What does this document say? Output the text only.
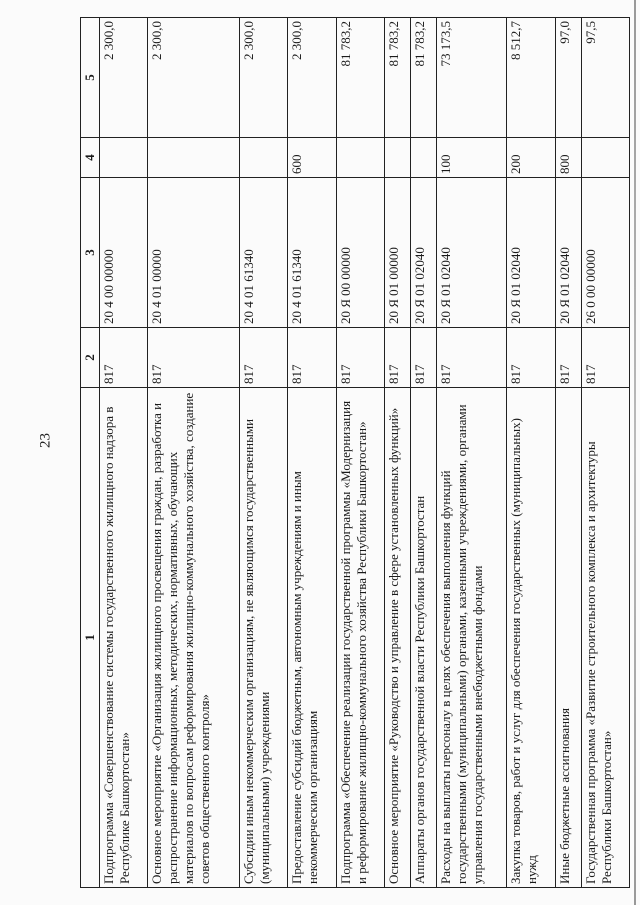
23
1	2	3	4	5
Подпрограмма «Совершенствование системы государственного жилищного надзора в Республике Башкортостан»	817	20 4 00 00000		2 300,0
Основное мероприятие «Организация жилищного просвещения граждан, разработка и распространение информационных, методических, нормативных, обучающих материалов по вопросам реформирования жилищно-коммунального хозяйства, создание советов общественного контроля»	817	20 4 01 00000		2 300,0
Субсидии иным некоммерческим организациям, не являющимся государственными (муниципальными) учреждениями	817	20 4 01 61340		2 300,0
Предоставление субсидий бюджетным, автономным учреждениям и иным некоммерческим организациям	817	20 4 01 61340	600	2 300,0
Подпрограмма «Обеспечение реализации государственной программы «Модернизация и реформирование жилищно-коммунального хозяйства Республики Башкортостан»	817	20 Я 00 00000		81 783,2
Основное мероприятие «Руководство и управление в сфере установленных функций»	817	20 Я 01 00000		81 783,2
Аппараты органов государственной власти Республики Башкортостан	817	20 Я 01 02040		81 783,2
Расходы на выплаты персоналу в целях обеспечения выполнения функций государственными (муниципальными) органами, казенными учреждениями, органами управления государственными внебюджетными фондами	817	20 Я 01 02040	100	73 173,5
Закупка товаров, работ и услуг для обеспечения государственных (муниципальных) нужд	817	20 Я 01 02040	200	8 512,7
Иные бюджетные ассигнования	817	20 Я 01 02040	800	97,0
Государственная программа «Развитие строительного комплекса и архитектуры Республики Башкортостан»	817	26 0 00 00000		97,5
